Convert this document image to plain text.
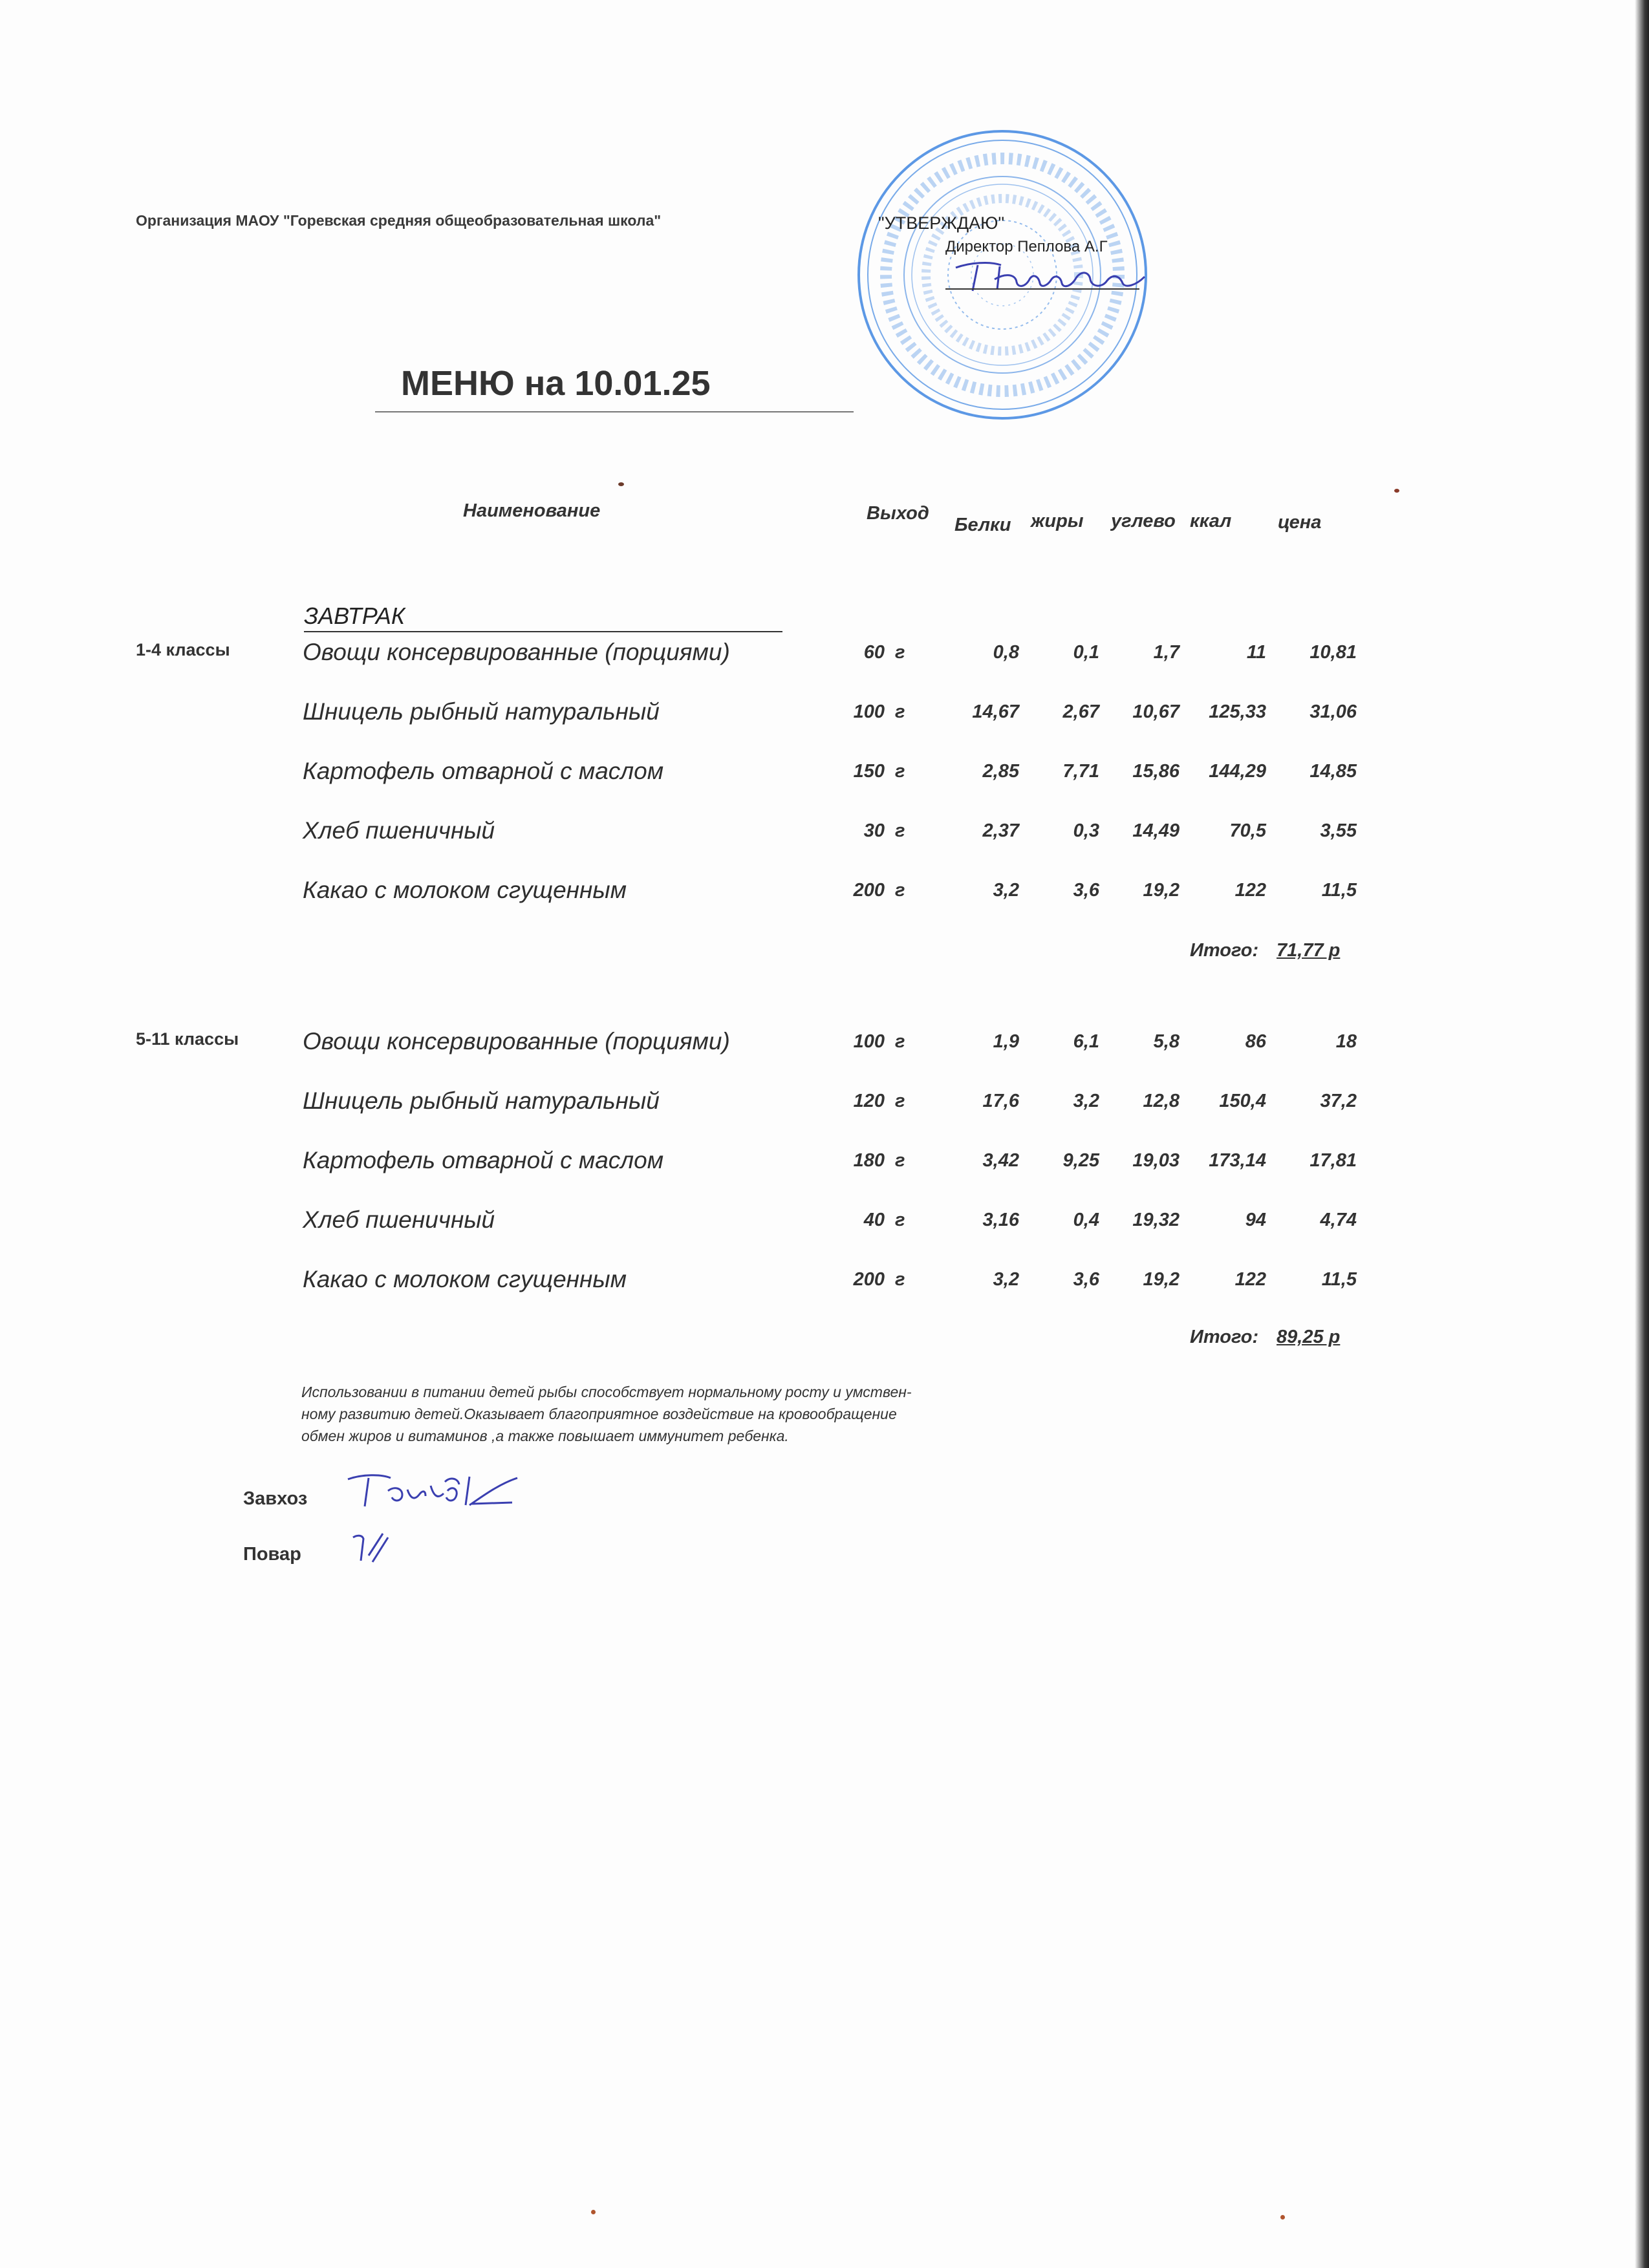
Организация МАОУ "Горевская средняя общеобразовательная школа"	"УТВЕРЖДАЮ"
Директор Пеплова А.Г
МЕНЮ на 10.01.25
Наименование	Выход
Белки жиры углево ккал цена
ЗАВТРАК
1-4 классы	Овощи консервированные (порциями)	60 г	0,8	0,1	1,7	11 10,81
Шницель рыбный натуральный	100 г	14,67 2,67 10,67 125,33 31,06
Картофель отварной с маслом	150 г	2,85 7,71 15,86 144,29 14,85
Хлеб пшеничный	30 г	2,37	0,3 14,49	70,5	3,55
Какао с молоком сгущенным	200 г	3,2	3,6 19,2	122	11,5
Итого: 71,77 р
5-11 классы	Овощи консервированные (порциями)	100 г	1,9	6,1	5,8	86	18
Шницель рыбный натуральный	120 г	17,6	3,2 12,8 150,4	37,2
Картофель отварной с маслом	180 г	3,42 9,25 19,03 173,14 17,81
Хлеб пшеничный	40 г	3,16	0,4 19,32	94	4,74
Какао с молоком сгущенным	200 г	3,2	3,6 19,2	122	11,5
Итого: 89,25 р
Использовании в питании детей рыбы способствует нормальному росту и умствен-
ному развитию детей.Оказывает благоприятное воздействие на кровообращение
обмен жиров и витаминов ,а также повышает иммунитет ребенка.
Завхоз
Повар
